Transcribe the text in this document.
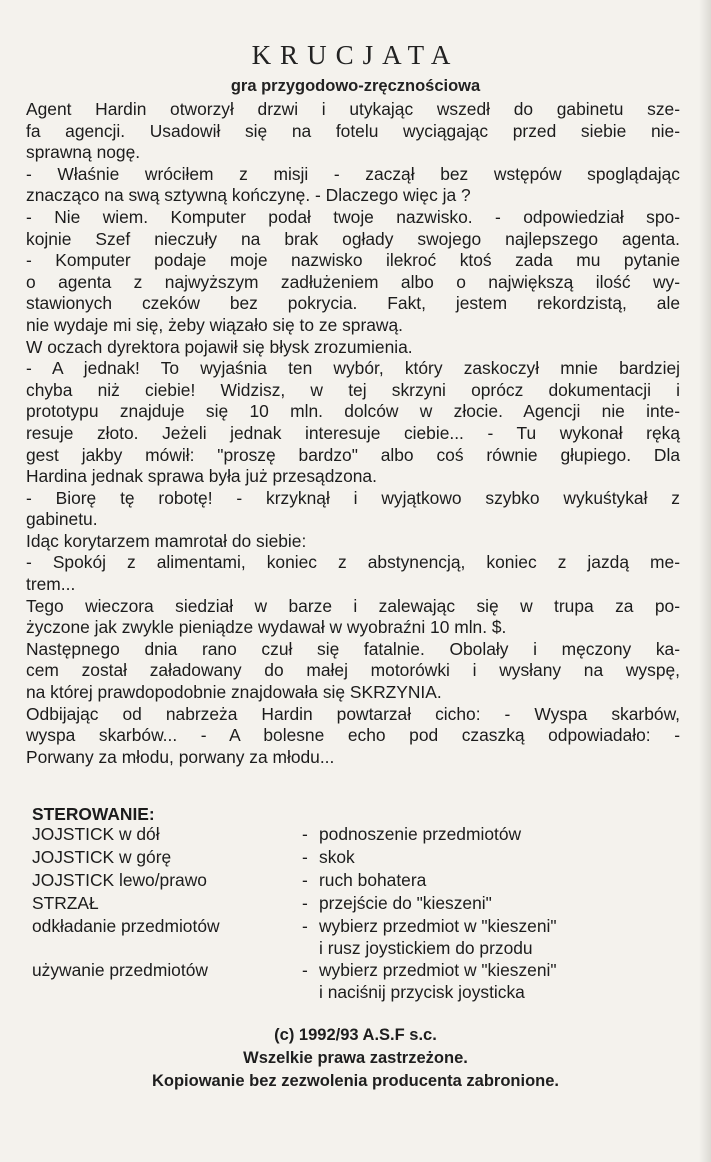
KRUCJATA
gra przygodowo-zręcznościowa
Agent Hardin otworzył drzwi i utykając wszedł do gabinetu sze-
fa agencji. Usadowił się na fotelu wyciągając przed siebie nie-
sprawną nogę.
- Właśnie wróciłem z misji - zaczął bez wstępów spoglądając
znacząco na swą sztywną kończynę. - Dlaczego więc ja ?
- Nie wiem. Komputer podał twoje nazwisko. - odpowiedział spo-
kojnie Szef nieczuły na brak ogłady swojego najlepszego agenta.
- Komputer podaje moje nazwisko ilekroć ktoś zada mu pytanie
o agenta z najwyższym zadłużeniem albo o największą ilość wy-
stawionych czeków bez pokrycia. Fakt, jestem rekordzistą, ale
nie wydaje mi się, żeby wiązało się to ze sprawą.
W oczach dyrektora pojawił się błysk zrozumienia.
- A jednak! To wyjaśnia ten wybór, który zaskoczył mnie bardziej
chyba niż ciebie! Widzisz, w tej skrzyni oprócz dokumentacji i
prototypu znajduje się 10 mln. dolców w złocie. Agencji nie inte-
resuje złoto. Jeżeli jednak interesuje ciebie... - Tu wykonał ręką
gest jakby mówił: "proszę bardzo" albo coś równie głupiego. Dla
Hardina jednak sprawa była już przesądzona.
- Biorę tę robotę! - krzyknął i wyjątkowo szybko wykuśtykał z
gabinetu.
Idąc korytarzem mamrotał do siebie:
- Spokój z alimentami, koniec z abstynencją, koniec z jazdą me-
trem...
Tego wieczora siedział w barze i zalewając się w trupa za po-
życzone jak zwykle pieniądze wydawał w wyobraźni 10 mln. $.
Następnego dnia rano czuł się fatalnie. Obolały i męczony ka-
cem został załadowany do małej motorówki i wysłany na wyspę,
na której prawdopodobnie znajdowała się SKRZYNIA.
Odbijając od nabrzeża Hardin powtarzał cicho: - Wyspa skarbów,
wyspa skarbów... - A bolesne echo pod czaszką odpowiadało: -
Porwany za młodu, porwany za młodu...
STEROWANIE:
JOJSTICK w dół	- podnoszenie przedmiotów
JOJSTICK w górę	- skok
JOJSTICK lewo/prawo	- ruch bohatera
STRZAŁ	- przejście do "kieszeni"
odkładanie przedmiotów	- wybierz przedmiot w "kieszeni"
i rusz joystickiem do przodu
używanie przedmiotów	- wybierz przedmiot w "kieszeni"
i naciśnij przycisk joysticka
(c) 1992/93 A.S.F s.c.
Wszelkie prawa zastrzeżone.
Kopiowanie bez zezwolenia producenta zabronione.
